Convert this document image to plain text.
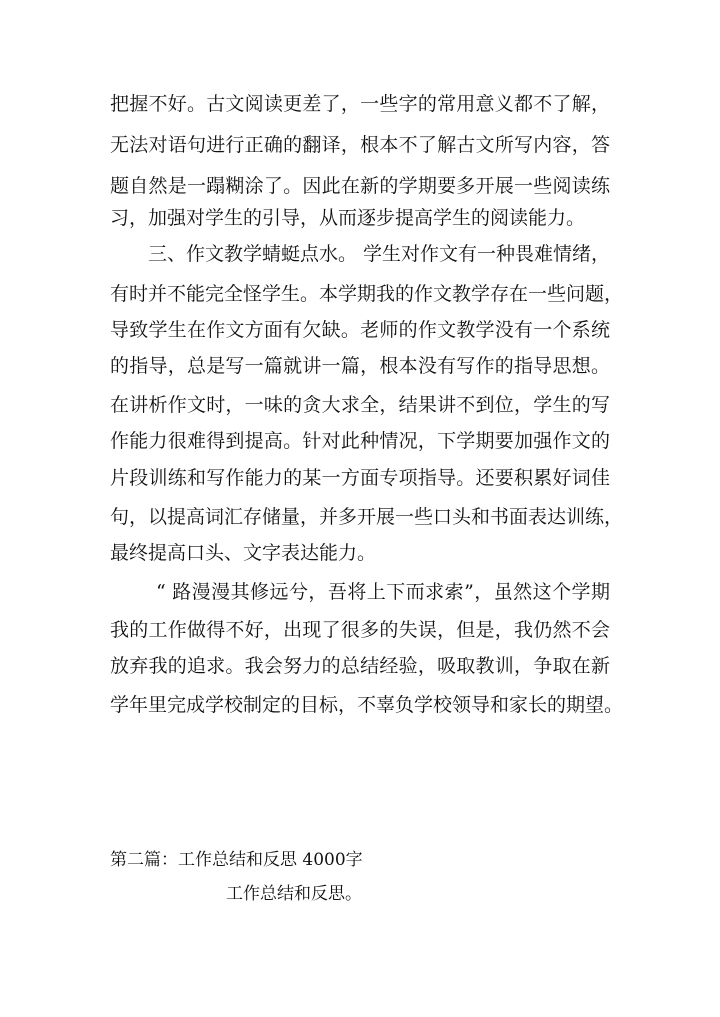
把握不好。古文阅读更差了，一些字的常用意义都不了解，
无法对语句进行正确的翻译，根本不了解古文所写内容，答
题自然是一蹋糊涂了。因此在新的学期要多开展一些阅读练
习，加强对学生的引导，从而逐步提高学生的阅读能力。
三、作文教学蜻蜓点水。 学生对作文有一种畏难情绪，
有时并不能完全怪学生。本学期我的作文教学存在一些问题，
导致学生在作文方面有欠缺。老师的作文教学没有一个系统
的指导，总是写一篇就讲一篇，根本没有写作的指导思想。
在讲析作文时，一味的贪大求全，结果讲不到位，学生的写
作能力很难得到提高。针对此种情况，下学期要加强作文的
片段训练和写作能力的某一方面专项指导。还要积累好词佳
句，以提高词汇存储量，并多开展一些口头和书面表达训练，
最终提高口头、文字表达能力。
“ 路漫漫其修远兮，吾将上下而求索”，虽然这个学期
我的工作做得不好，出现了很多的失误，但是，我仍然不会
放弃我的追求。我会努力的总结经验，吸取教训，争取在新
学年里完成学校制定的目标，不辜负学校领导和家长的期望。
第二篇：工作总结和反思 4000字
工作总结和反思。
